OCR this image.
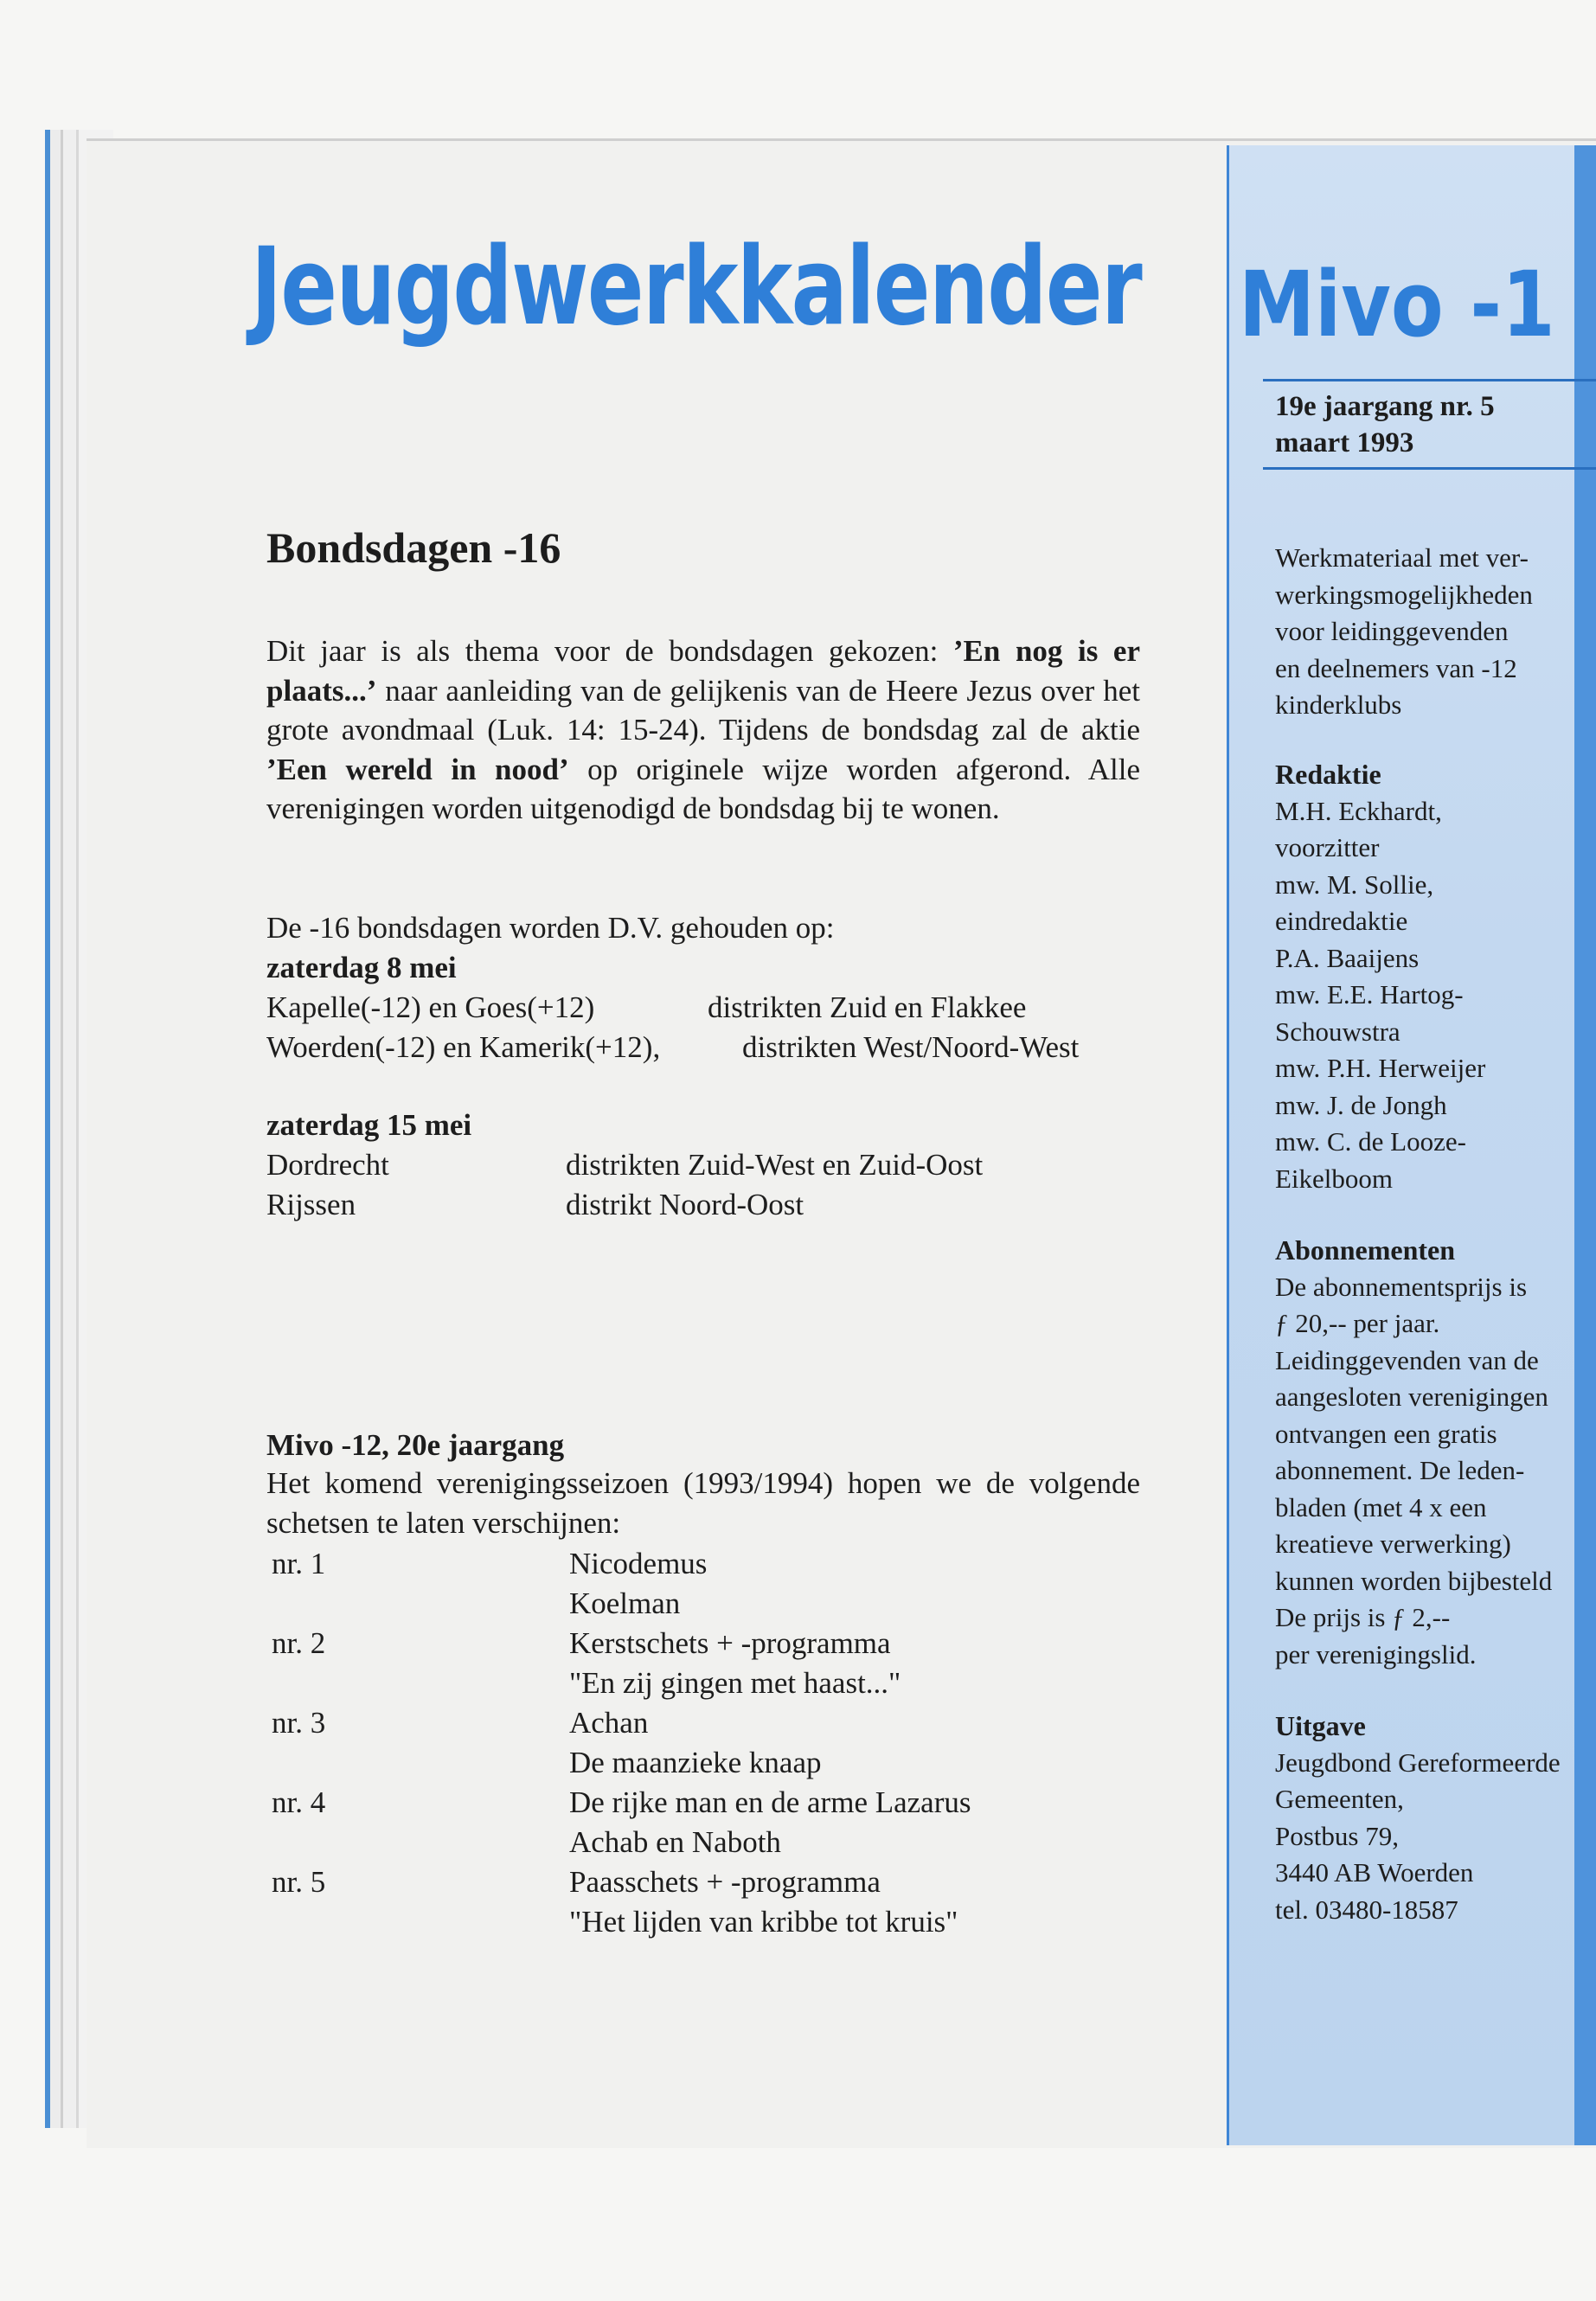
Jeugdwerkkalender Mivo -1
Bondsdagen -16
Dit jaar is als thema voor de bondsdagen gekozen: ’En nog is er plaats...’ naar aanleiding van de gelijkenis van de Heere Jezus over het grote avondmaal (Luk. 14: 15-24). Tijdens de bondsdag zal de aktie ’Een wereld in nood’ op originele wijze worden afgerond. Alle verenigingen worden uitgenodigd de bondsdag bij te wonen.
De -16 bondsdagen worden D.V. gehouden op:
zaterdag 8 mei
Kapelle(-12) en Goes(+12)	distrikten Zuid en Flakkee
Woerden(-12) en Kamerik(+12),	distrikten West/Noord-West
zaterdag 15 mei
Dordrecht	distrikten Zuid-West en Zuid-Oost
Rijssen	distrikt Noord-Oost
Mivo -12, 20e jaargang
Het komend verenigingsseizoen (1993/1994) hopen we de volgende schetsen te laten verschijnen:
nr. 1	Nicodemus
Koelman
nr. 2	Kerstschets + -programma
"En zij gingen met haast..."
nr. 3	Achan
De maanzieke knaap
nr. 4	De rijke man en de arme Lazarus
Achab en Naboth
nr. 5	Paasschets + -programma
"Het lijden van kribbe tot kruis"
19e jaargang nr. 5
maart 1993
Werkmateriaal met ver-
werkingsmogelijkheden
voor leidinggevenden
en deelnemers van -12
kinderklubs
Redaktie
M.H. Eckhardt,
voorzitter
mw. M. Sollie,
eindredaktie
P.A. Baaijens
mw. E.E. Hartog-
Schouwstra
mw. P.H. Herweijer
mw. J. de Jongh
mw. C. de Looze-
Eikelboom
Abonnementen
De abonnementsprijs is
ƒ 20,-- per jaar.
Leidinggevenden van de
aangesloten verenigingen
ontvangen een gratis
abonnement. De leden-
bladen (met 4 x een
kreatieve verwerking)
kunnen worden bijbesteld
De prijs is ƒ 2,--
per verenigingslid.
Uitgave
Jeugdbond Gereformeerde
Gemeenten,
Postbus 79,
3440 AB Woerden
tel. 03480-18587
